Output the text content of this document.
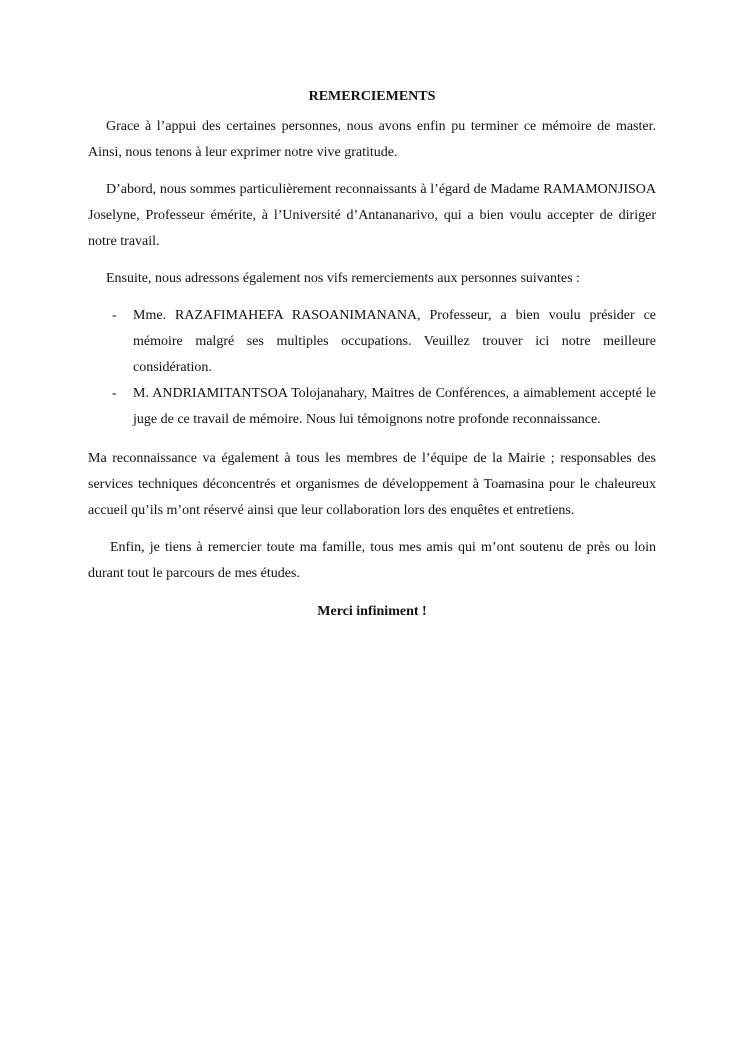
REMERCIEMENTS

Grace à l’appui des certaines personnes, nous avons enfin pu terminer ce mémoire de master. Ainsi, nous tenons à leur exprimer notre vive gratitude.

D’abord, nous sommes particulièrement reconnaissants à l’égard de Madame RAMAMONJISOA Joselyne, Professeur émérite, à l’Université d’Antananarivo, qui a bien voulu accepter de diriger notre travail.

Ensuite, nous adressons également nos vifs remerciements aux personnes suivantes :

- Mme. RAZAFIMAHEFA RASOANIMANANA, Professeur, a bien voulu présider ce mémoire malgré ses multiples occupations. Veuillez trouver ici notre meilleure considération.
- M. ANDRIAMITANTSOA Tolojanahary, Maitres de Conférences, a aimablement accepté le juge de ce travail de mémoire. Nous lui témoignons notre profonde reconnaissance.

Ma reconnaissance va également à tous les membres de l’équipe de la Mairie ; responsables des services techniques déconcentrés et organismes de développement à Toamasina pour le chaleureux accueil qu’ils m’ont réservé ainsi que leur collaboration lors des enquêtes et entretiens.

Enfin, je tiens à remercier toute ma famille, tous mes amis qui m’ont soutenu de près ou loin durant tout le parcours de mes études.

Merci infiniment !
